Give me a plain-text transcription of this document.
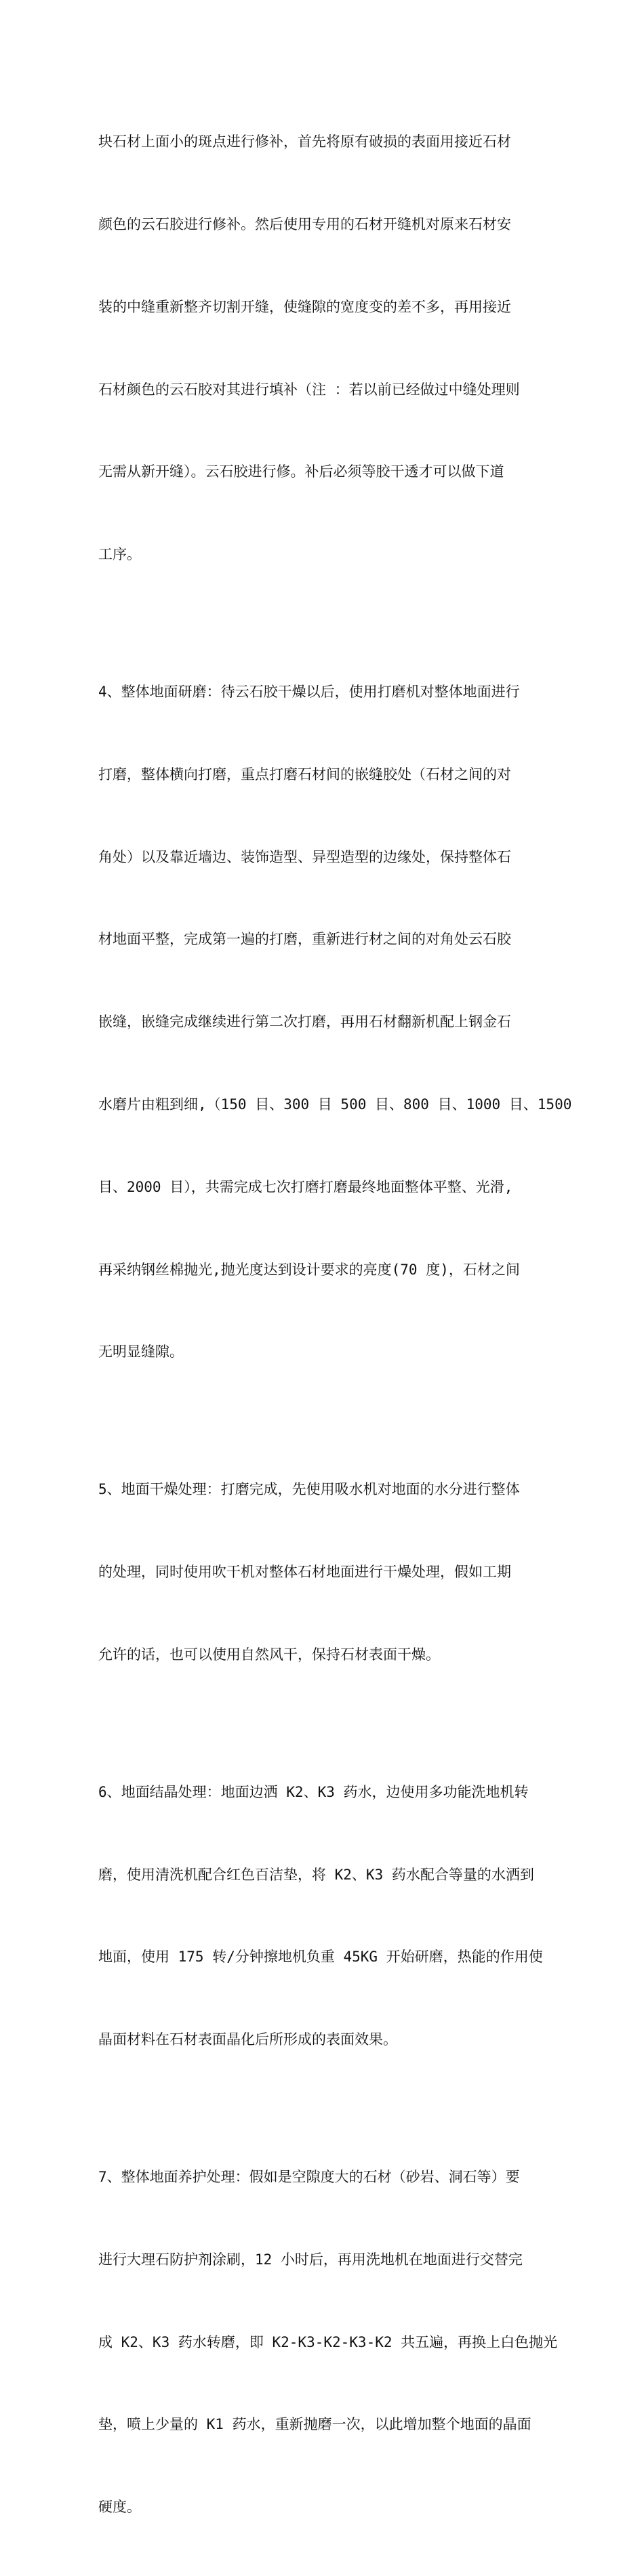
块石材上面小的斑点进行修补，首先将原有破损的表面用接近石材

颜色的云石胶进行修补。然后使用专用的石材开缝机对原来石材安

装的中缝重新整齐切割开缝，使缝隙的宽度变的差不多，再用接近

石材颜色的云石胶对其进行填补（注 ：若以前已经做过中缝处理则

无需从新开缝）。云石胶进行修。补后必须等胶干透才可以做下道

工序。

4、整体地面研磨：待云石胶干燥以后，使用打磨机对整体地面进行

打磨，整体横向打磨，重点打磨石材间的嵌缝胶处（石材之间的对

角处）以及靠近墙边、装饰造型、异型造型的边缘处，保持整体石

材地面平整，完成第一遍的打磨，重新进行材之间的对角处云石胶

嵌缝，嵌缝完成继续进行第二次打磨，再用石材翻新机配上钢金石

水磨片由粗到细,（150 目、300 目 500 目、800 目、1000 目、1500

目、2000 目），共需完成七次打磨打磨最终地面整体平整、光滑,

再采纳钢丝棉抛光,抛光度达到设计要求的亮度(70 度)，石材之间

无明显缝隙。

5、地面干燥处理：打磨完成，先使用吸水机对地面的水分进行整体

的处理，同时使用吹干机对整体石材地面进行干燥处理，假如工期

允许的话，也可以使用自然风干，保持石材表面干燥。

6、地面结晶处理：地面边洒 K2、K3 药水，边使用多功能洗地机转

磨，使用清洗机配合红色百洁垫，将 K2、K3 药水配合等量的水洒到

地面，使用 175 转/分钟擦地机负重 45KG 开始研磨，热能的作用使

晶面材料在石材表面晶化后所形成的表面效果。

7、整体地面养护处理：假如是空隙度大的石材（砂岩、洞石等）要

进行大理石防护剂涂刷，12 小时后，再用洗地机在地面进行交替完

成 K2、K3 药水转磨，即 K2-K3-K2-K3-K2 共五遍，再换上白色抛光

垫，喷上少量的 K1 药水，重新抛磨一次，以此增加整个地面的晶面

硬度。
